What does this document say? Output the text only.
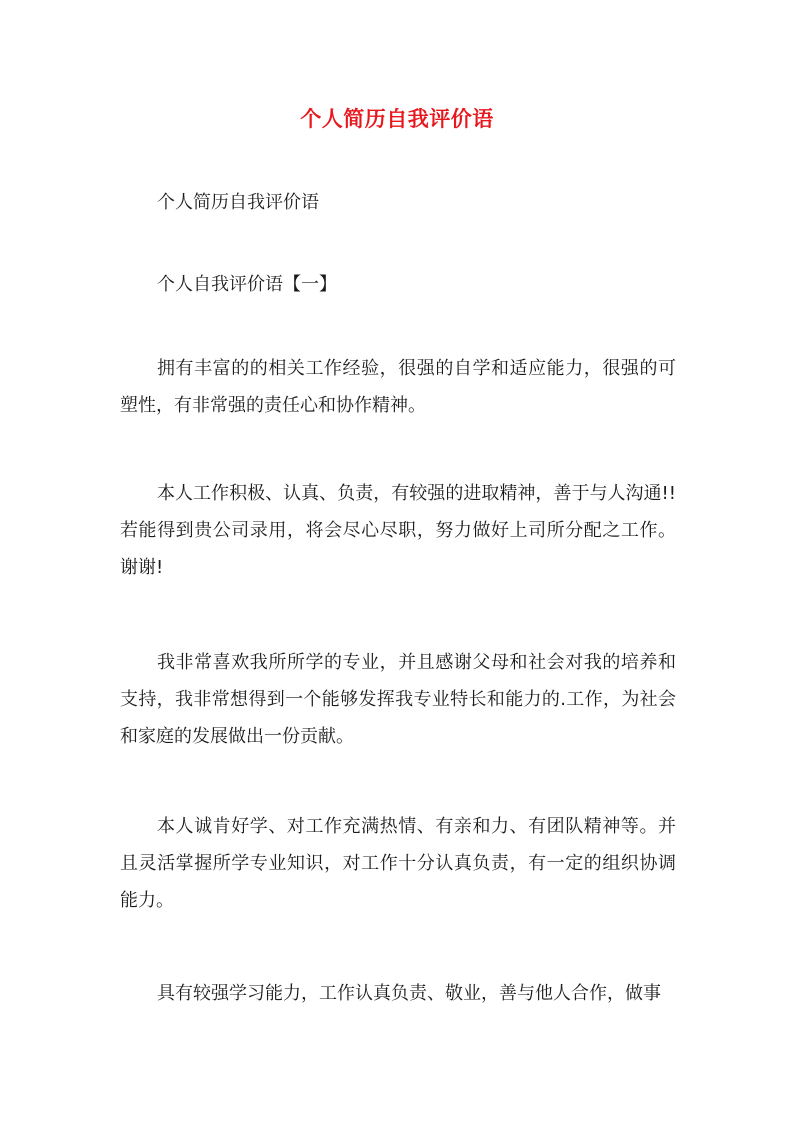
个人简历自我评价语

个人简历自我评价语

个人自我评价语【一】

拥有丰富的的相关工作经验，很强的自学和适应能力，很强的可塑性，有非常强的责任心和协作精神。

本人工作积极、认真、负责，有较强的进取精神，善于与人沟通!!若能得到贵公司录用，将会尽心尽职，努力做好上司所分配之工作。谢谢!

我非常喜欢我所所学的专业，并且感谢父母和社会对我的培养和支持，我非常想得到一个能够发挥我专业特长和能力的.工作，为社会和家庭的发展做出一份贡献。

本人诚肯好学、对工作充满热情、有亲和力、有团队精神等。并且灵活掌握所学专业知识，对工作十分认真负责，有一定的组织协调能力。

具有较强学习能力，工作认真负责、敬业，善与他人合作，做事
